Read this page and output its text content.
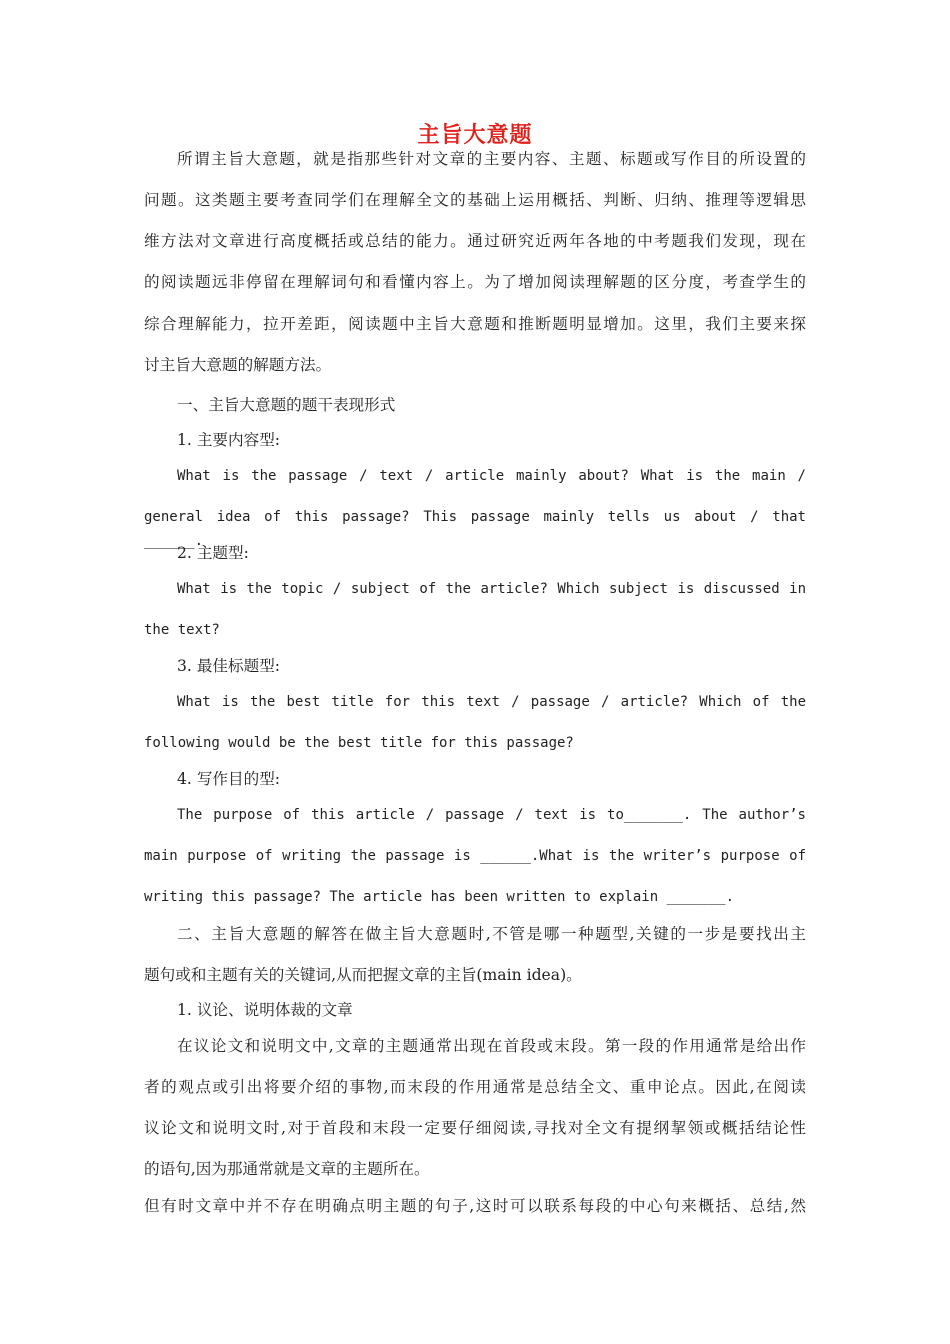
主旨大意题
所谓主旨大意题，就是指那些针对文章的主要内容、主题、标题或写作目的所设置的
问题。这类题主要考查同学们在理解全文的基础上运用概括、判断、归纳、推理等逻辑思
维方法对文章进行高度概括或总结的能力。通过研究近两年各地的中考题我们发现，现在
的阅读题远非停留在理解词句和看懂内容上。为了增加阅读理解题的区分度，考查学生的
综合理解能力，拉开差距，阅读题中主旨大意题和推断题明显增加。这里，我们主要来探
讨主旨大意题的解题方法。
一、主旨大意题的题干表现形式
1. 主要内容型:
What is the passage / text / article mainly about? What is the main /
general idea of this passage? This passage mainly tells us about / that ______.
2. 主题型:
What is the topic / subject of the article? Which subject is discussed in
the text?
3. 最佳标题型:
What is the best title for this text / passage / article? Which of the
following would be the best title for this passage?
4. 写作目的型:
The purpose of this article / passage / text is to_______. The author’s
main purpose of writing the passage is ______.What is the writer’s purpose of
writing this passage? The article has been written to explain _______.
二、主旨大意题的解答在做主旨大意题时,不管是哪一种题型,关键的一步是要找出主
题句或和主题有关的关键词,从而把握文章的主旨(main idea)。
1. 议论、说明体裁的文章
在议论文和说明文中,文章的主题通常出现在首段或末段。第一段的作用通常是给出作
者的观点或引出将要介绍的事物,而末段的作用通常是总结全文、重申论点。因此,在阅读
议论文和说明文时,对于首段和末段一定要仔细阅读,寻找对全文有提纲挈领或概括结论性
的语句,因为那通常就是文章的主题所在。
但有时文章中并不存在明确点明主题的句子,这时可以联系每段的中心句来概括、总结,然
